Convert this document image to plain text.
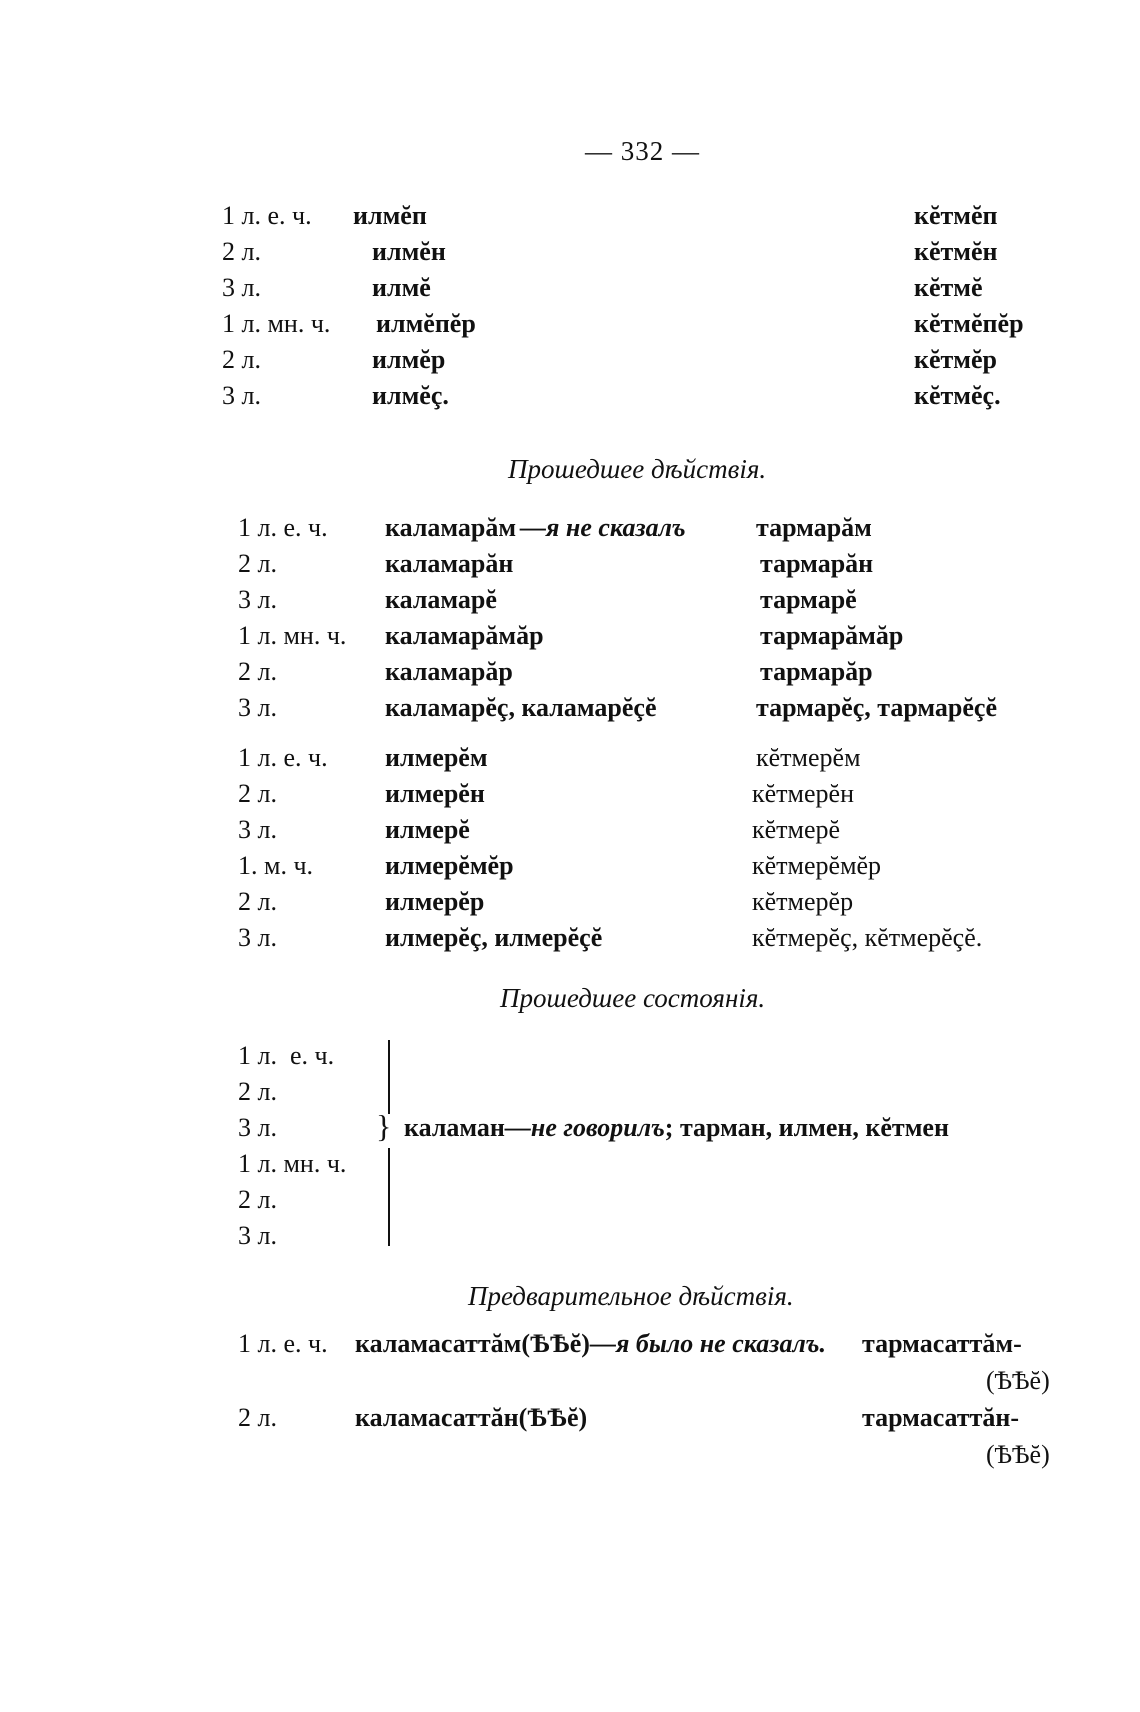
— 332 —
1 л. е. ч. илмĕп	кĕтмĕп
2 л.	илмĕн	кĕтмĕн
3 л.	илмĕ	кĕтмĕ
1 л. мн. ч. илмĕпĕр	кĕтмĕпĕр
2 л.	илмĕр	кĕтмĕр
3 л.	илмĕç.	кĕтмĕç.
Прошедшее дѣйствія.
1 л. е. ч. каламарăм —я не сказалъ	тармарăм
2 л.	каламарăн	тармарăн
3 л.	каламарĕ	тармарĕ
1 л. мн. ч. каламарăмăр	тармарăмăр
2 л.	каламарăр	тармарăр
3 л.	каламарĕç, каламарĕçĕ	тармарĕç, тармарĕçĕ
1 л. е. ч. илмерĕм	кĕтмерĕм
2 л.	илмерĕн	кĕтмерĕн
3 л.	илмерĕ	кĕтмерĕ
1. м. ч.	илмерĕмĕр	кĕтмерĕмĕр
2 л.	илмерĕр	кĕтмерĕр
3 л.	илмерĕç, илмерĕçĕ	кĕтмерĕç, кĕтмерĕçĕ.
Прошедшее состоянія.
1 л.  е. ч.
2 л.
3 л.
1 л. мн. ч.
2 л.
3 л.
} каламан—не говорилъ; тарман, илмен, кĕтмен
Предварительное дѣйствія.
1 л. е. ч. каламасаттăм(ѢѢĕ) —я было не сказалъ. тармасаттăм-
(ѢѢĕ)
2 л.	каламасаттăн(ѢѢĕ)	тармасаттăн-
(ѢѢĕ)
